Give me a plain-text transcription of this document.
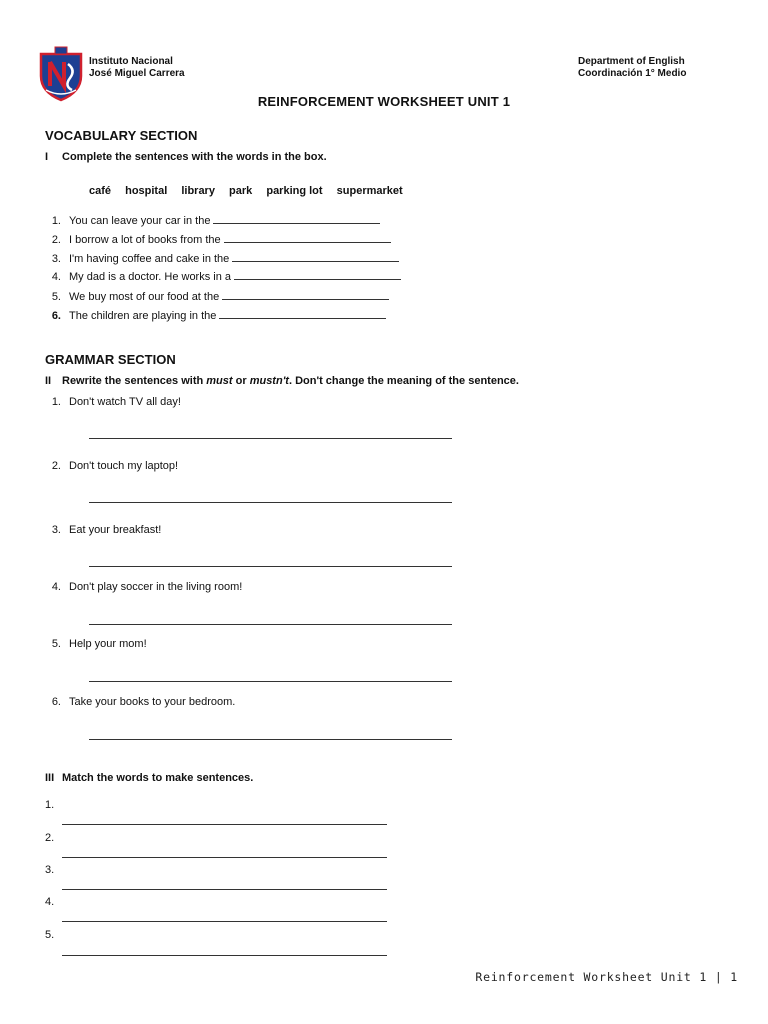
Instituto Nacional
José Miguel Carrera
Department of English
Coordinación 1° Medio
REINFORCEMENT WORKSHEET UNIT 1
VOCABULARY SECTION
I Complete the sentences with the words in the box.
café hospital library park parking lot supermarket
1. You can leave your car in the
2. I borrow a lot of books from the
3. I'm having coffee and cake in the
4. My dad is a doctor. He works in a
5. We buy most of our food at the
6. The children are playing in the
GRAMMAR SECTION
II Rewrite the sentences with must or mustn't. Don't change the meaning of the sentence.
1. Don't watch TV all day!
2. Don't touch my laptop!
3. Eat your breakfast!
4. Don't play soccer in the living room!
5. Help your mom!
6. Take your books to your bedroom.
III Match the words to make sentences.
1.
2.
3.
4.
5.
Reinforcement Worksheet Unit 1 | 1
